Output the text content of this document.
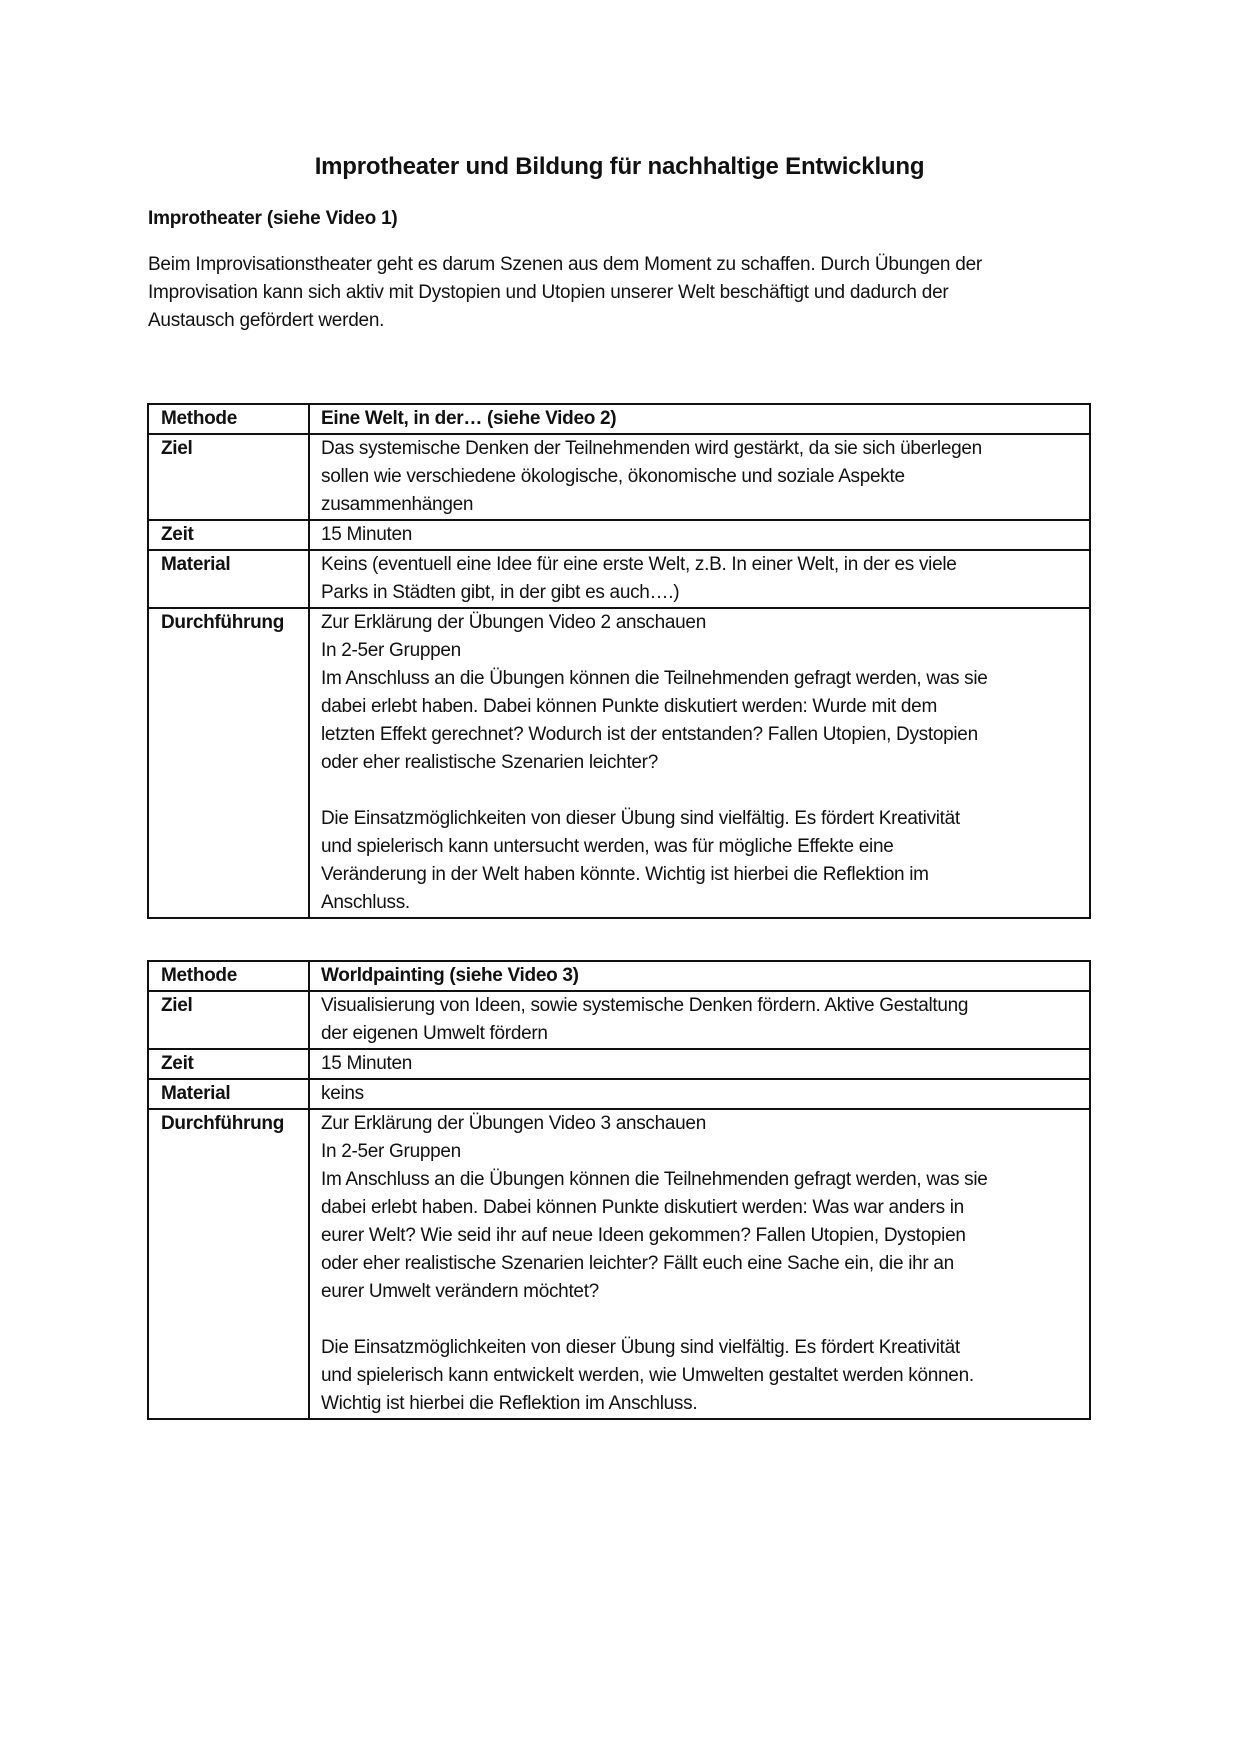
Improtheater und Bildung für nachhaltige Entwicklung
Improtheater (siehe Video 1)
Beim Improvisationstheater geht es darum Szenen aus dem Moment zu schaffen. Durch Übungen der
Improvisation kann sich aktiv mit Dystopien und Utopien unserer Welt beschäftigt und dadurch der
Austausch gefördert werden.
Methode	Eine Welt, in der… (siehe Video 2)
Ziel	Das systemische Denken der Teilnehmenden wird gestärkt, da sie sich überlegen
sollen wie verschiedene ökologische, ökonomische und soziale Aspekte
zusammenhängen
Zeit	15 Minuten
Material	Keins (eventuell eine Idee für eine erste Welt, z.B. In einer Welt, in der es viele
Parks in Städten gibt, in der gibt es auch….)
Durchführung	Zur Erklärung der Übungen Video 2 anschauen
In 2-5er Gruppen
Im Anschluss an die Übungen können die Teilnehmenden gefragt werden, was sie
dabei erlebt haben. Dabei können Punkte diskutiert werden: Wurde mit dem
letzten Effekt gerechnet? Wodurch ist der entstanden? Fallen Utopien, Dystopien
oder eher realistische Szenarien leichter?
Die Einsatzmöglichkeiten von dieser Übung sind vielfältig. Es fördert Kreativität
und spielerisch kann untersucht werden, was für mögliche Effekte eine
Veränderung in der Welt haben könnte. Wichtig ist hierbei die Reflektion im
Anschluss.
Methode	Worldpainting (siehe Video 3)
Ziel	Visualisierung von Ideen, sowie systemische Denken fördern. Aktive Gestaltung
der eigenen Umwelt fördern
Zeit	15 Minuten
Material	keins
Durchführung	Zur Erklärung der Übungen Video 3 anschauen
In 2-5er Gruppen
Im Anschluss an die Übungen können die Teilnehmenden gefragt werden, was sie
dabei erlebt haben. Dabei können Punkte diskutiert werden: Was war anders in
eurer Welt? Wie seid ihr auf neue Ideen gekommen? Fallen Utopien, Dystopien
oder eher realistische Szenarien leichter? Fällt euch eine Sache ein, die ihr an
eurer Umwelt verändern möchtet?
Die Einsatzmöglichkeiten von dieser Übung sind vielfältig. Es fördert Kreativität
und spielerisch kann entwickelt werden, wie Umwelten gestaltet werden können.
Wichtig ist hierbei die Reflektion im Anschluss.
